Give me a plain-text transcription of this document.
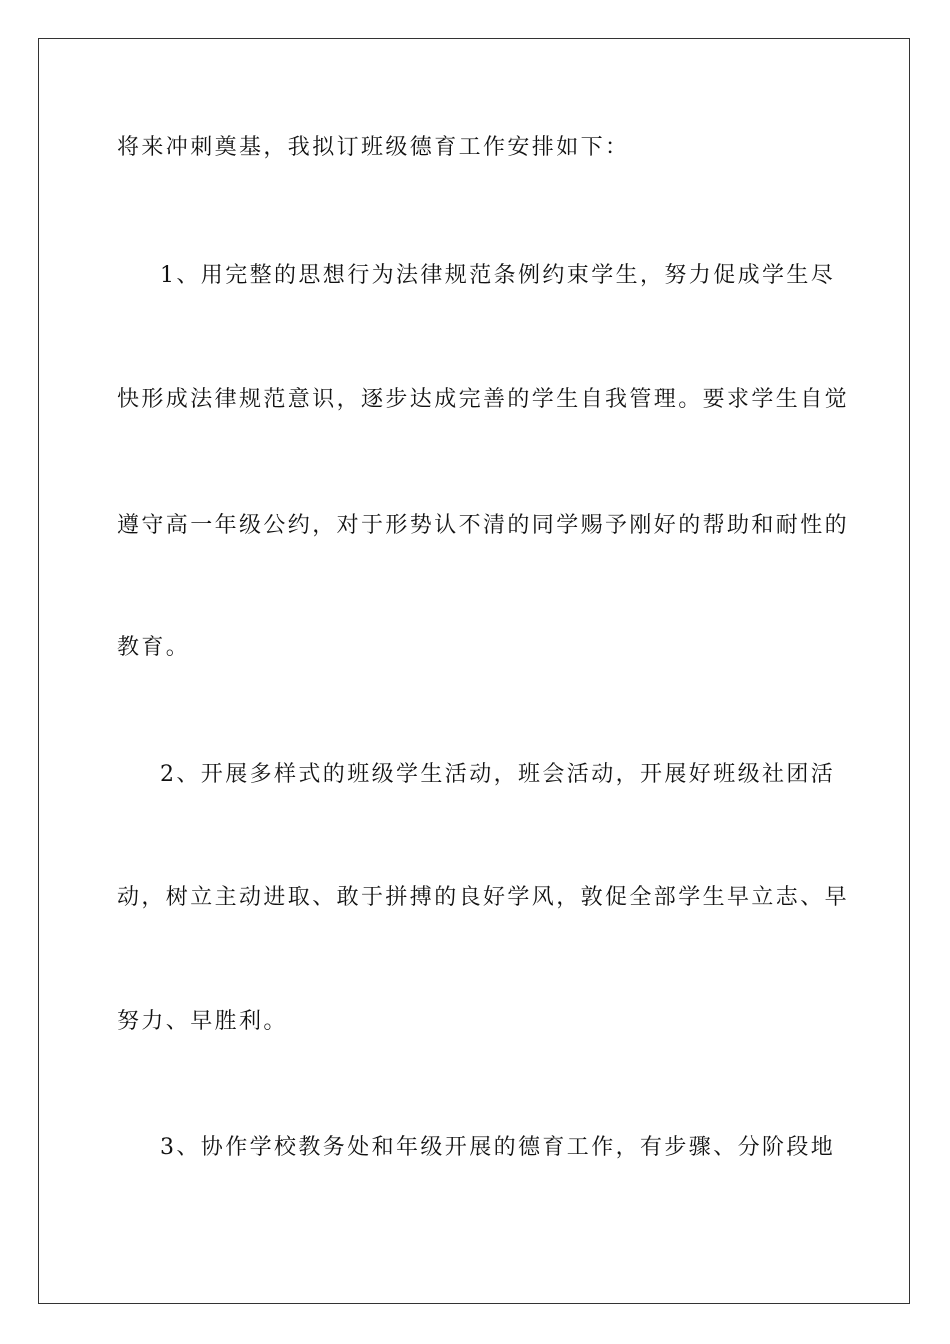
将来冲刺奠基，我拟订班级德育工作安排如下：
1、用完整的思想行为法律规范条例约束学生，努力促成学生尽
快形成法律规范意识，逐步达成完善的学生自我管理。要求学生自觉
遵守高一年级公约，对于形势认不清的同学赐予刚好的帮助和耐性的
教育。
2、开展多样式的班级学生活动，班会活动，开展好班级社团活
动，树立主动进取、敢于拼搏的良好学风，敦促全部学生早立志、早
努力、早胜利。
3、协作学校教务处和年级开展的德育工作，有步骤、分阶段地
